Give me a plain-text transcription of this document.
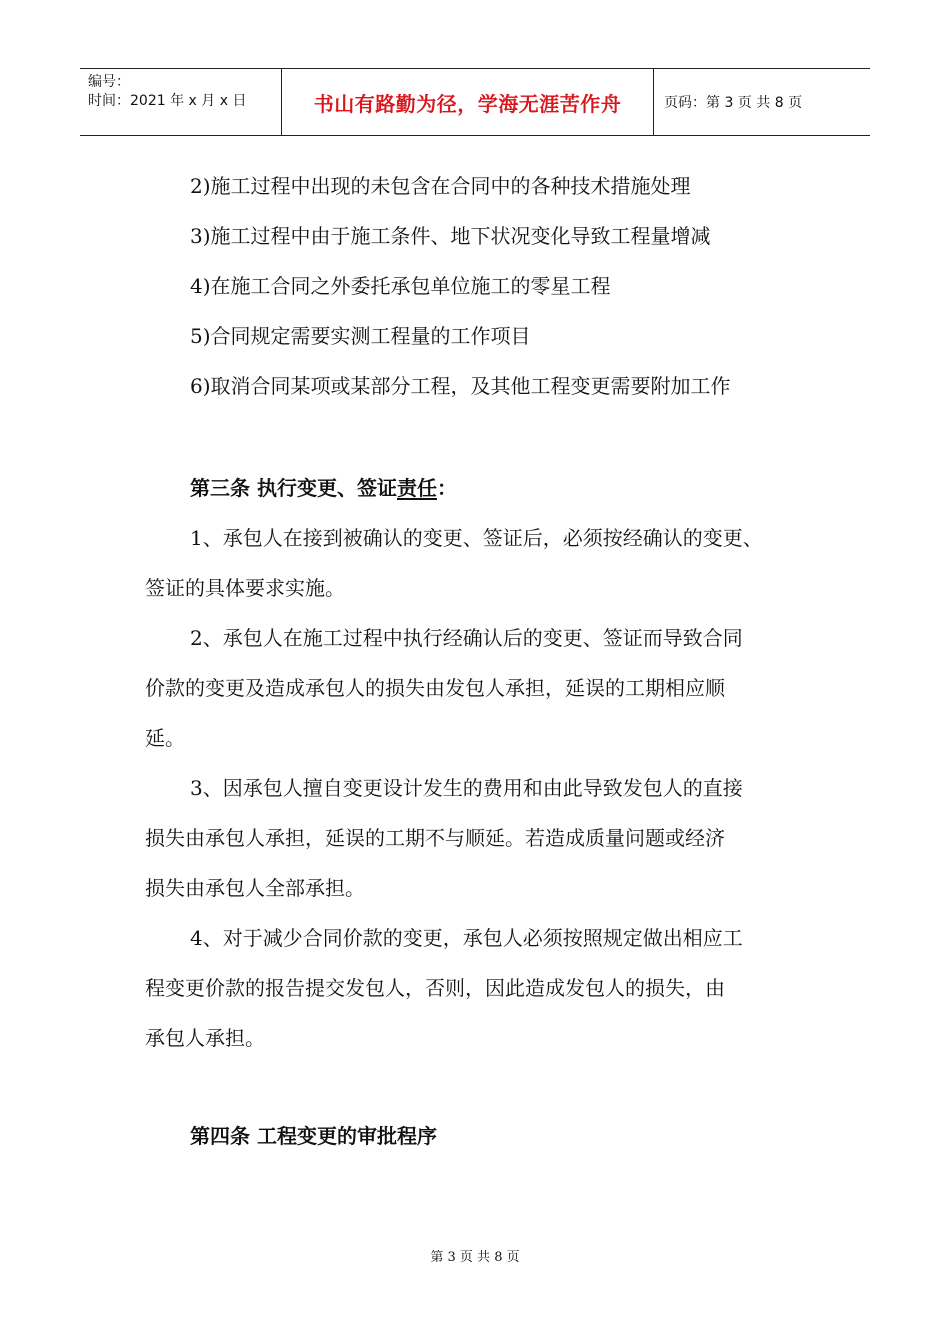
编号：
时间：2021 年 x 月 x 日	书山有路勤为径，学海无涯苦作舟	页码：第 3 页 共 8 页
2)施工过程中出现的未包含在合同中的各种技术措施处理
3)施工过程中由于施工条件、地下状况变化导致工程量增减
4)在施工合同之外委托承包单位施工的零星工程
5)合同规定需要实测工程量的工作项目
6)取消合同某项或某部分工程，及其他工程变更需要附加工作
第三条 执行变更、签证责任：
1、承包人在接到被确认的变更、签证后，必须按经确认的变更、
签证的具体要求实施。
2、承包人在施工过程中执行经确认后的变更、签证而导致合同
价款的变更及造成承包人的损失由发包人承担，延误的工期相应顺
延。
3、因承包人擅自变更设计发生的费用和由此导致发包人的直接
损失由承包人承担，延误的工期不与顺延。若造成质量问题或经济
损失由承包人全部承担。
4、对于减少合同价款的变更，承包人必须按照规定做出相应工
程变更价款的报告提交发包人，否则，因此造成发包人的损失，由
承包人承担。
第四条 工程变更的审批程序
第 3 页 共 8 页
